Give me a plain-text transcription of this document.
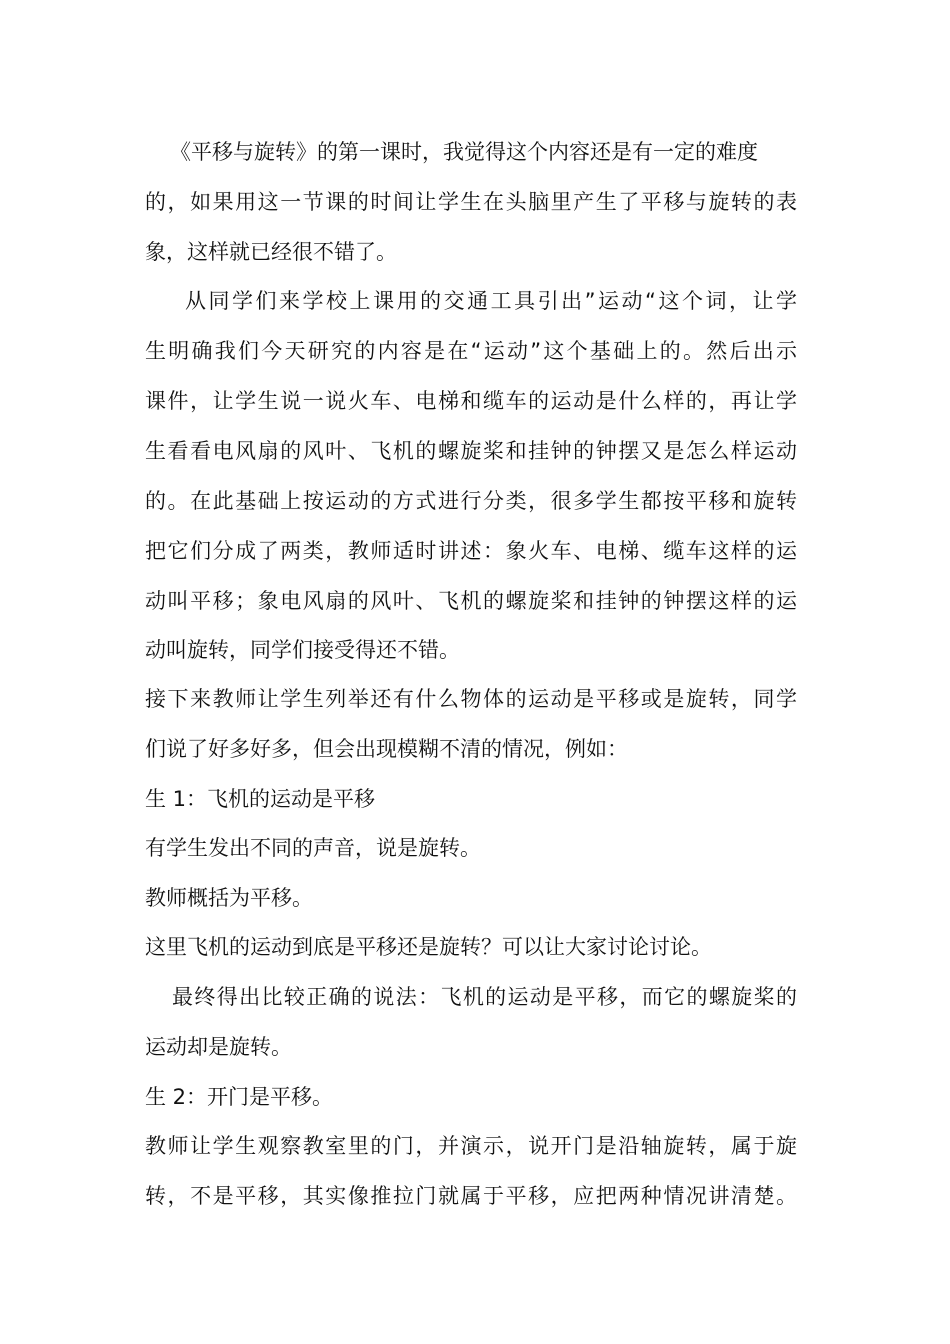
《平移与旋转》的第一课时，我觉得这个内容还是有一定的难度
的，如果用这一节课的时间让学生在头脑里产生了平移与旋转的表
象，这样就已经很不错了。
从同学们来学校上课用的交通工具引出”运动“这个词，让学
生明确我们今天研究的内容是在“运动”这个基础上的。然后出示
课件，让学生说一说火车、电梯和缆车的运动是什么样的，再让学
生看看电风扇的风叶、飞机的螺旋桨和挂钟的钟摆又是怎么样运动
的。在此基础上按运动的方式进行分类，很多学生都按平移和旋转
把它们分成了两类，教师适时讲述：象火车、电梯、缆车这样的运
动叫平移；象电风扇的风叶、飞机的螺旋桨和挂钟的钟摆这样的运
动叫旋转，同学们接受得还不错。
接下来教师让学生列举还有什么物体的运动是平移或是旋转，同学
们说了好多好多，但会出现模糊不清的情况，例如：
生 1：飞机的运动是平移
有学生发出不同的声音，说是旋转。
教师概括为平移。
这里飞机的运动到底是平移还是旋转？可以让大家讨论讨论。
最终得出比较正确的说法：飞机的运动是平移，而它的螺旋桨的
运动却是旋转。
生 2：开门是平移。
教师让学生观察教室里的门，并演示，说开门是沿轴旋转，属于旋
转，不是平移，其实像推拉门就属于平移，应把两种情况讲清楚。
